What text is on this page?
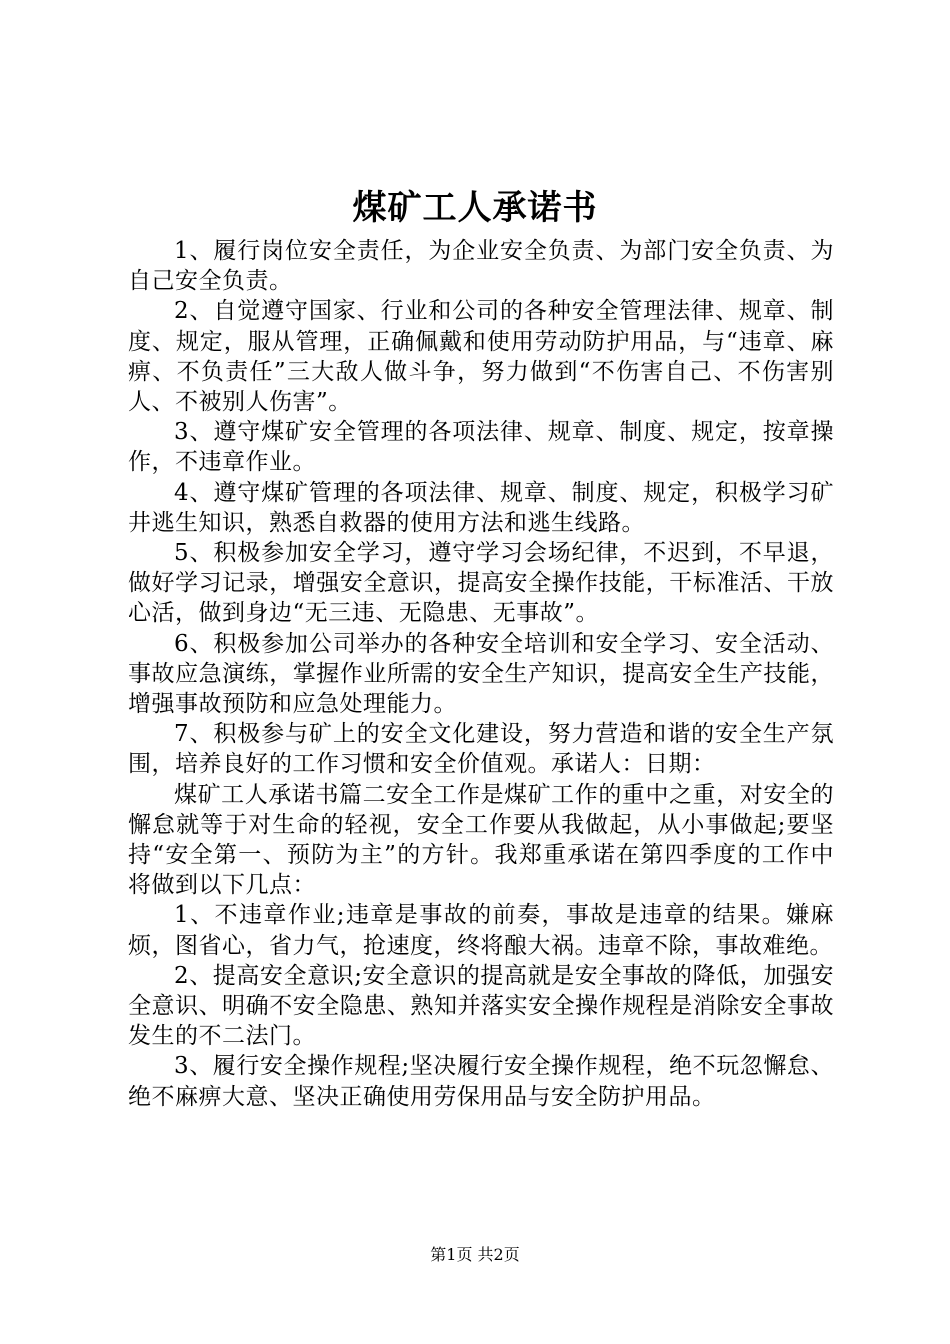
煤矿工人承诺书

1、履行岗位安全责任，为企业安全负责、为部门安全负责、为自己安全负责。

2、自觉遵守国家、行业和公司的各种安全管理法律、规章、制度、规定，服从管理，正确佩戴和使用劳动防护用品，与“违章、麻痹、不负责任”三大敌人做斗争，努力做到“不伤害自己、不伤害别人、不被别人伤害”。

3、遵守煤矿安全管理的各项法律、规章、制度、规定，按章操作，不违章作业。

4、遵守煤矿管理的各项法律、规章、制度、规定，积极学习矿井逃生知识，熟悉自救器的使用方法和逃生线路。

5、积极参加安全学习，遵守学习会场纪律，不迟到，不早退，做好学习记录，增强安全意识，提高安全操作技能，干标准活、干放心活，做到身边“无三违、无隐患、无事故”。

6、积极参加公司举办的各种安全培训和安全学习、安全活动、事故应急演练，掌握作业所需的安全生产知识，提高安全生产技能，增强事故预防和应急处理能力。

7、积极参与矿上的安全文化建设，努力营造和谐的安全生产氛围，培养良好的工作习惯和安全价值观。承诺人：日期：

煤矿工人承诺书篇二安全工作是煤矿工作的重中之重，对安全的懈怠就等于对生命的轻视，安全工作要从我做起，从小事做起;要坚持“安全第一、预防为主”的方针。我郑重承诺在第四季度的工作中将做到以下几点：

1、不违章作业;违章是事故的前奏，事故是违章的结果。嫌麻烦，图省心，省力气，抢速度，终将酿大祸。违章不除，事故难绝。

2、提高安全意识;安全意识的提高就是安全事故的降低，加强安全意识、明确不安全隐患、熟知并落实安全操作规程是消除安全事故发生的不二法门。

3、履行安全操作规程;坚决履行安全操作规程，绝不玩忽懈怠、绝不麻痹大意、坚决正确使用劳保用品与安全防护用品。

第1页 共2页
